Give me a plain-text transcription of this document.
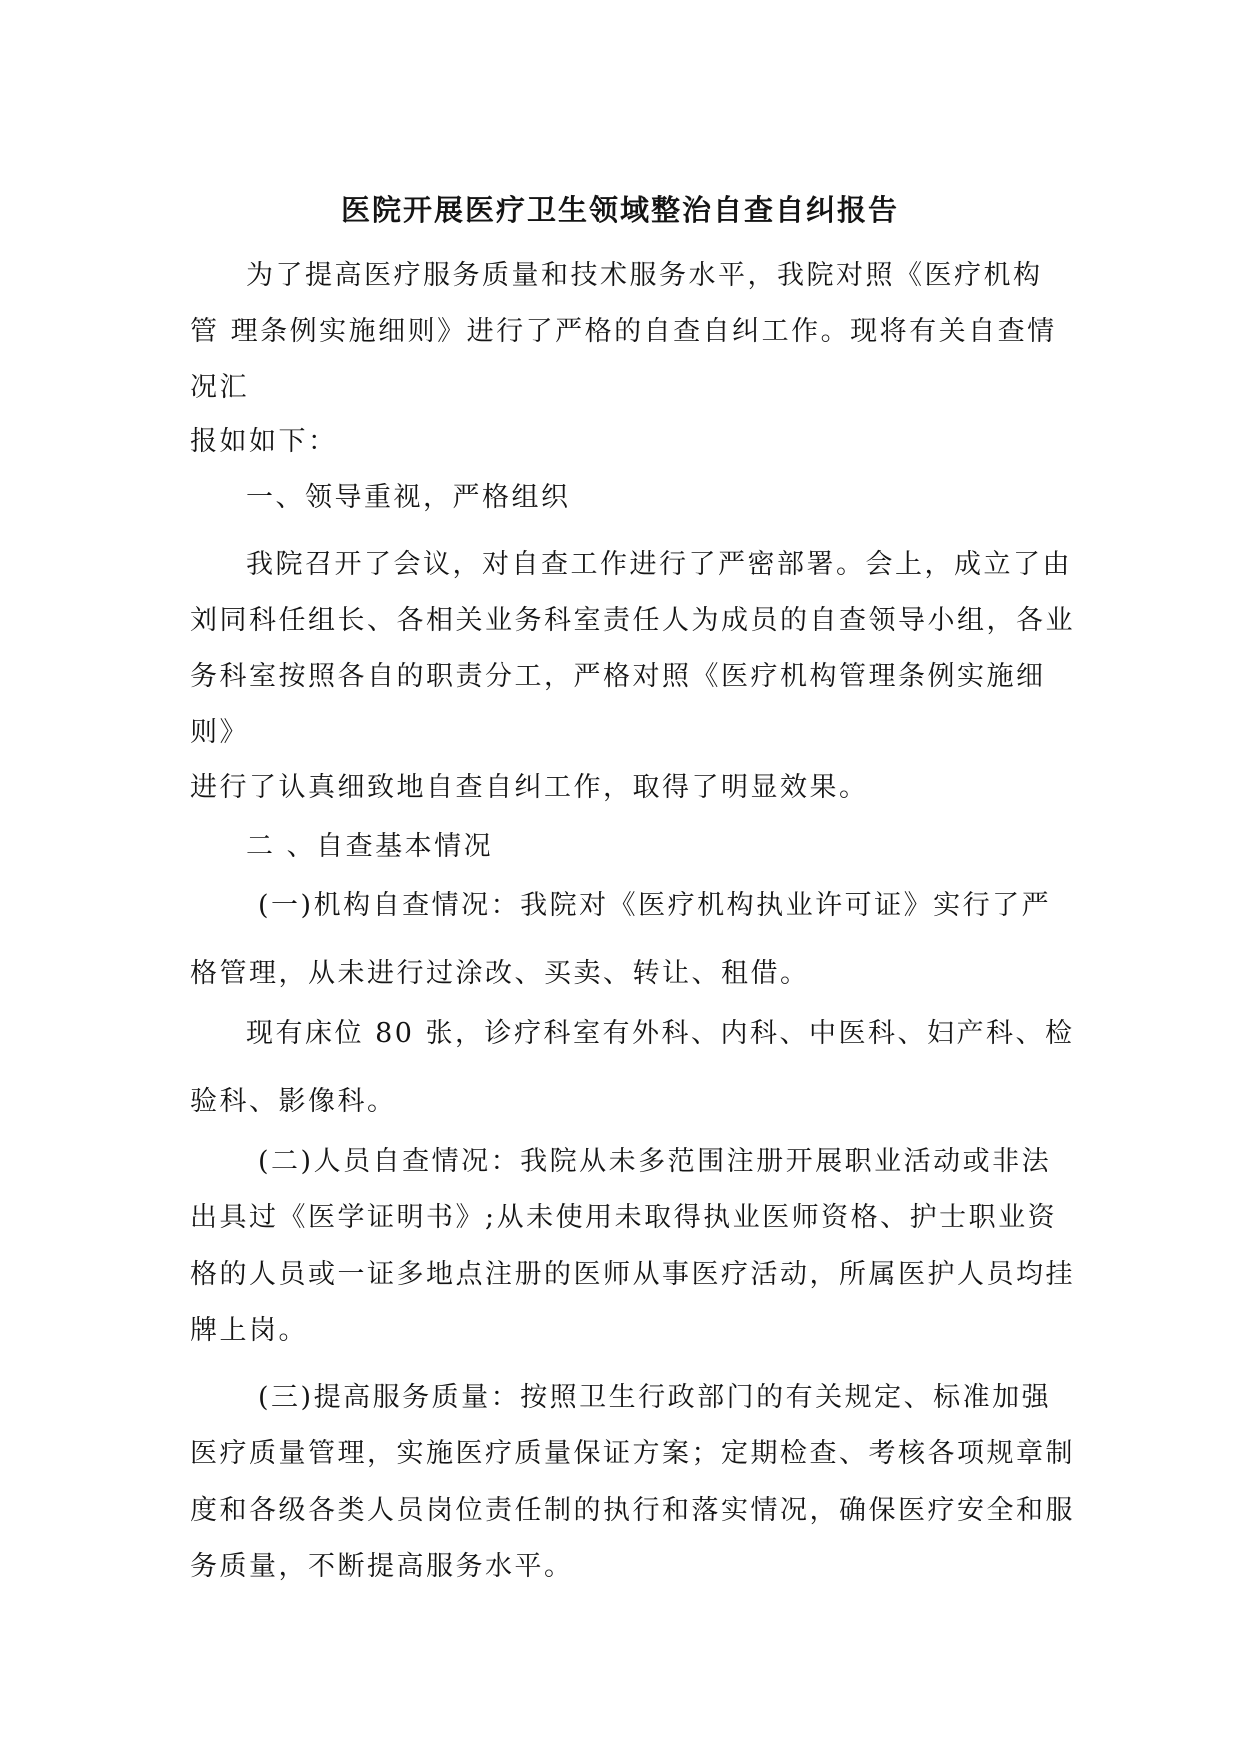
医院开展医疗卫生领域整治自查自纠报告

为了提高医疗服务质量和技术服务水平，我院对照《医疗机构

管 理条例实施细则》进行了严格的自查自纠工作。现将有关自查情

况汇

报如如下：

一、领导重视，严格组织

我院召开了会议，对自查工作进行了严密部署。会上，成立了由

刘同科任组长、各相关业务科室责任人为成员的自查领导小组，各业

务科室按照各自的职责分工，严格对照《医疗机构管理条例实施细

则》

进行了认真细致地自查自纠工作，取得了明显效果。

二 、自查基本情况

(一)机构自查情况：我院对《医疗机构执业许可证》实行了严

格管理，从未进行过涂改、买卖、转让、租借。

现有床位 80 张，诊疗科室有外科、内科、中医科、妇产科、检

验科、影像科。

(二)人员自查情况：我院从未多范围注册开展职业活动或非法

出具过《医学证明书》;从未使用未取得执业医师资格、护士职业资

格的人员或一证多地点注册的医师从事医疗活动，所属医护人员均挂

牌上岗。

(三)提高服务质量：按照卫生行政部门的有关规定、标准加强

医疗质量管理，实施医疗质量保证方案；定期检查、考核各项规章制

度和各级各类人员岗位责任制的执行和落实情况，确保医疗安全和服

务质量，不断提高服务水平。
